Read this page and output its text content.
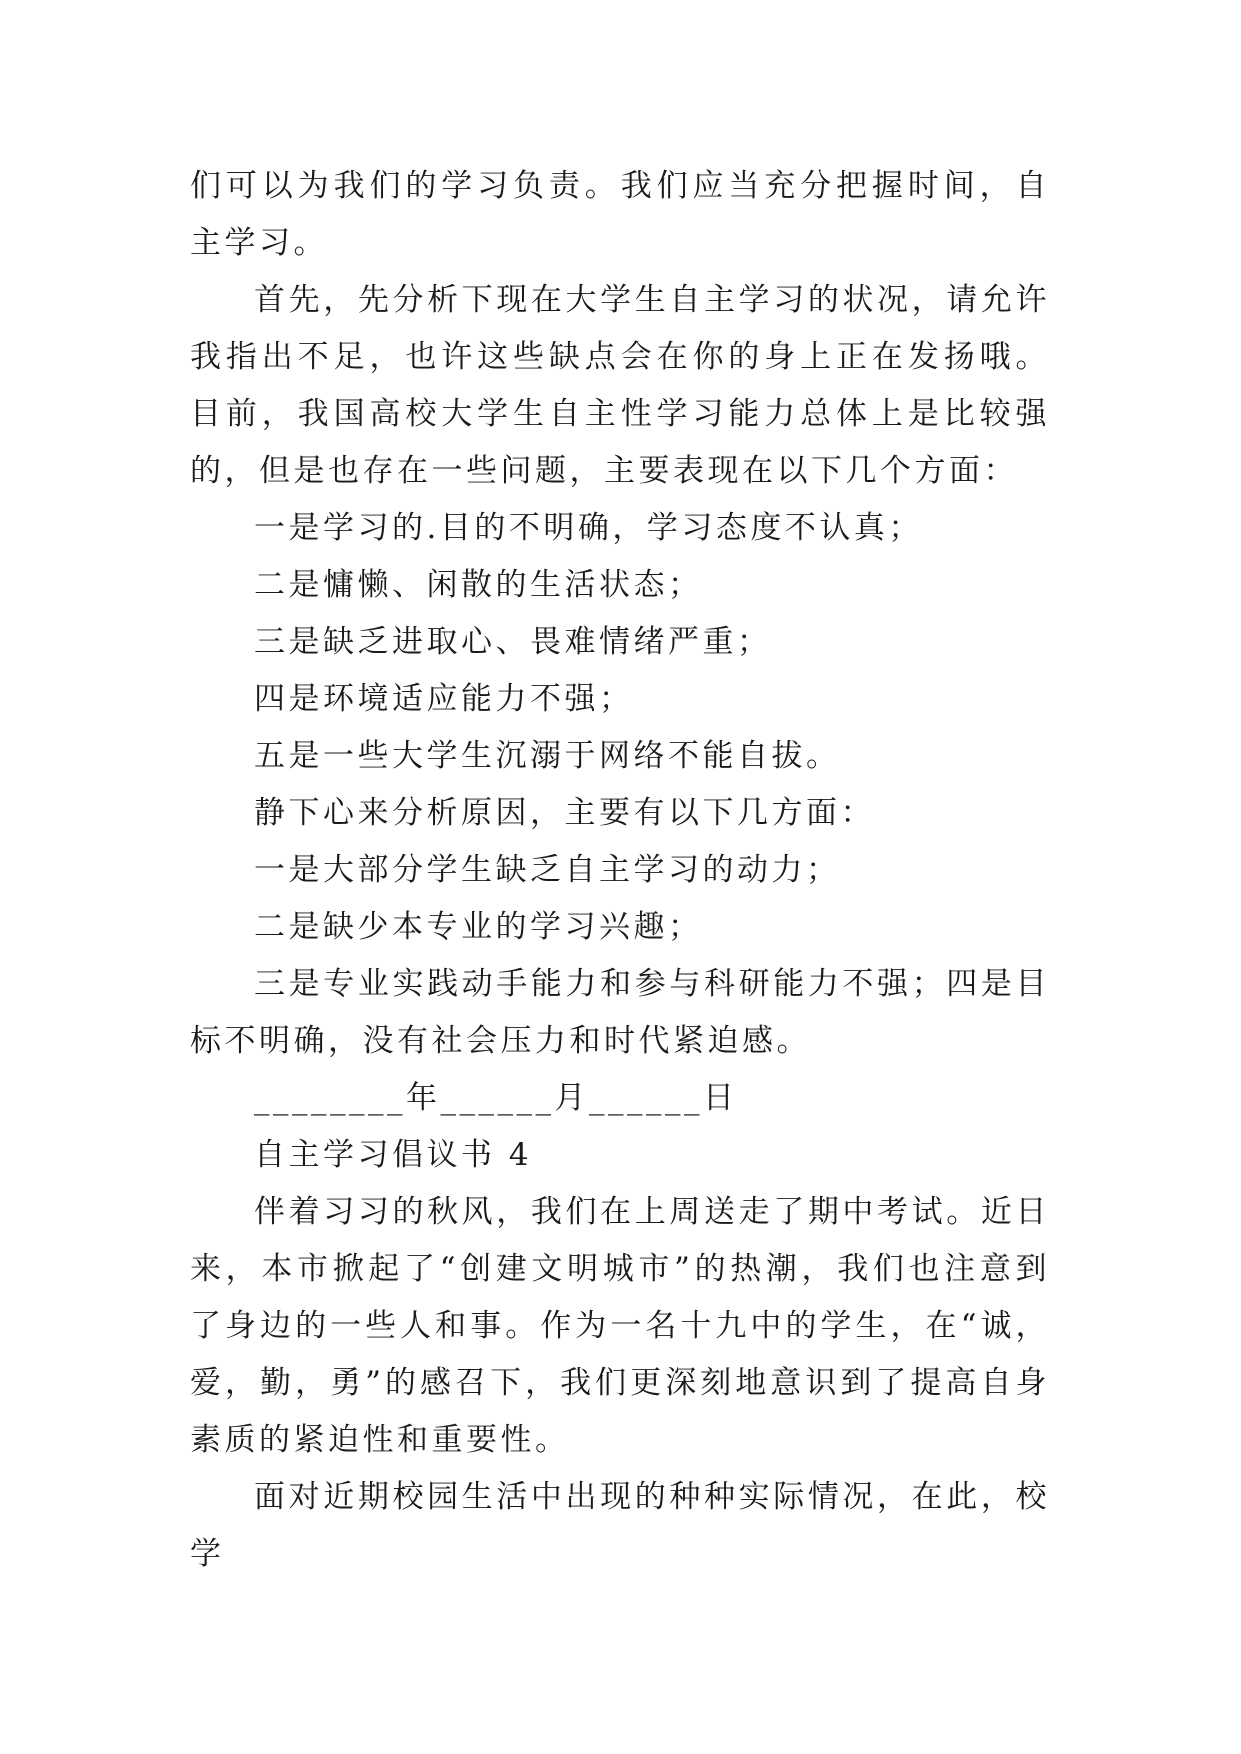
们可以为我们的学习负责。我们应当充分把握时间，自主学习。

首先，先分析下现在大学生自主学习的状况，请允许我指出不足，也许这些缺点会在你的身上正在发扬哦。目前，我国高校大学生自主性学习能力总体上是比较强的，但是也存在一些问题，主要表现在以下几个方面：

一是学习的.目的不明确，学习态度不认真；

二是慵懒、闲散的生活状态；

三是缺乏进取心、畏难情绪严重；

四是环境适应能力不强；

五是一些大学生沉溺于网络不能自拔。

静下心来分析原因，主要有以下几方面：

一是大部分学生缺乏自主学习的动力；

二是缺少本专业的学习兴趣；

三是专业实践动手能力和参与科研能力不强；四是目标不明确，没有社会压力和时代紧迫感。

________年______月______日

自主学习倡议书 4

伴着习习的秋风，我们在上周送走了期中考试。近日来，本市掀起了“创建文明城市”的热潮，我们也注意到了身边的一些人和事。作为一名十九中的学生，在“诚，爱，勤，勇”的感召下，我们更深刻地意识到了提高自身素质的紧迫性和重要性。

面对近期校园生活中出现的种种实际情况，在此，校学
